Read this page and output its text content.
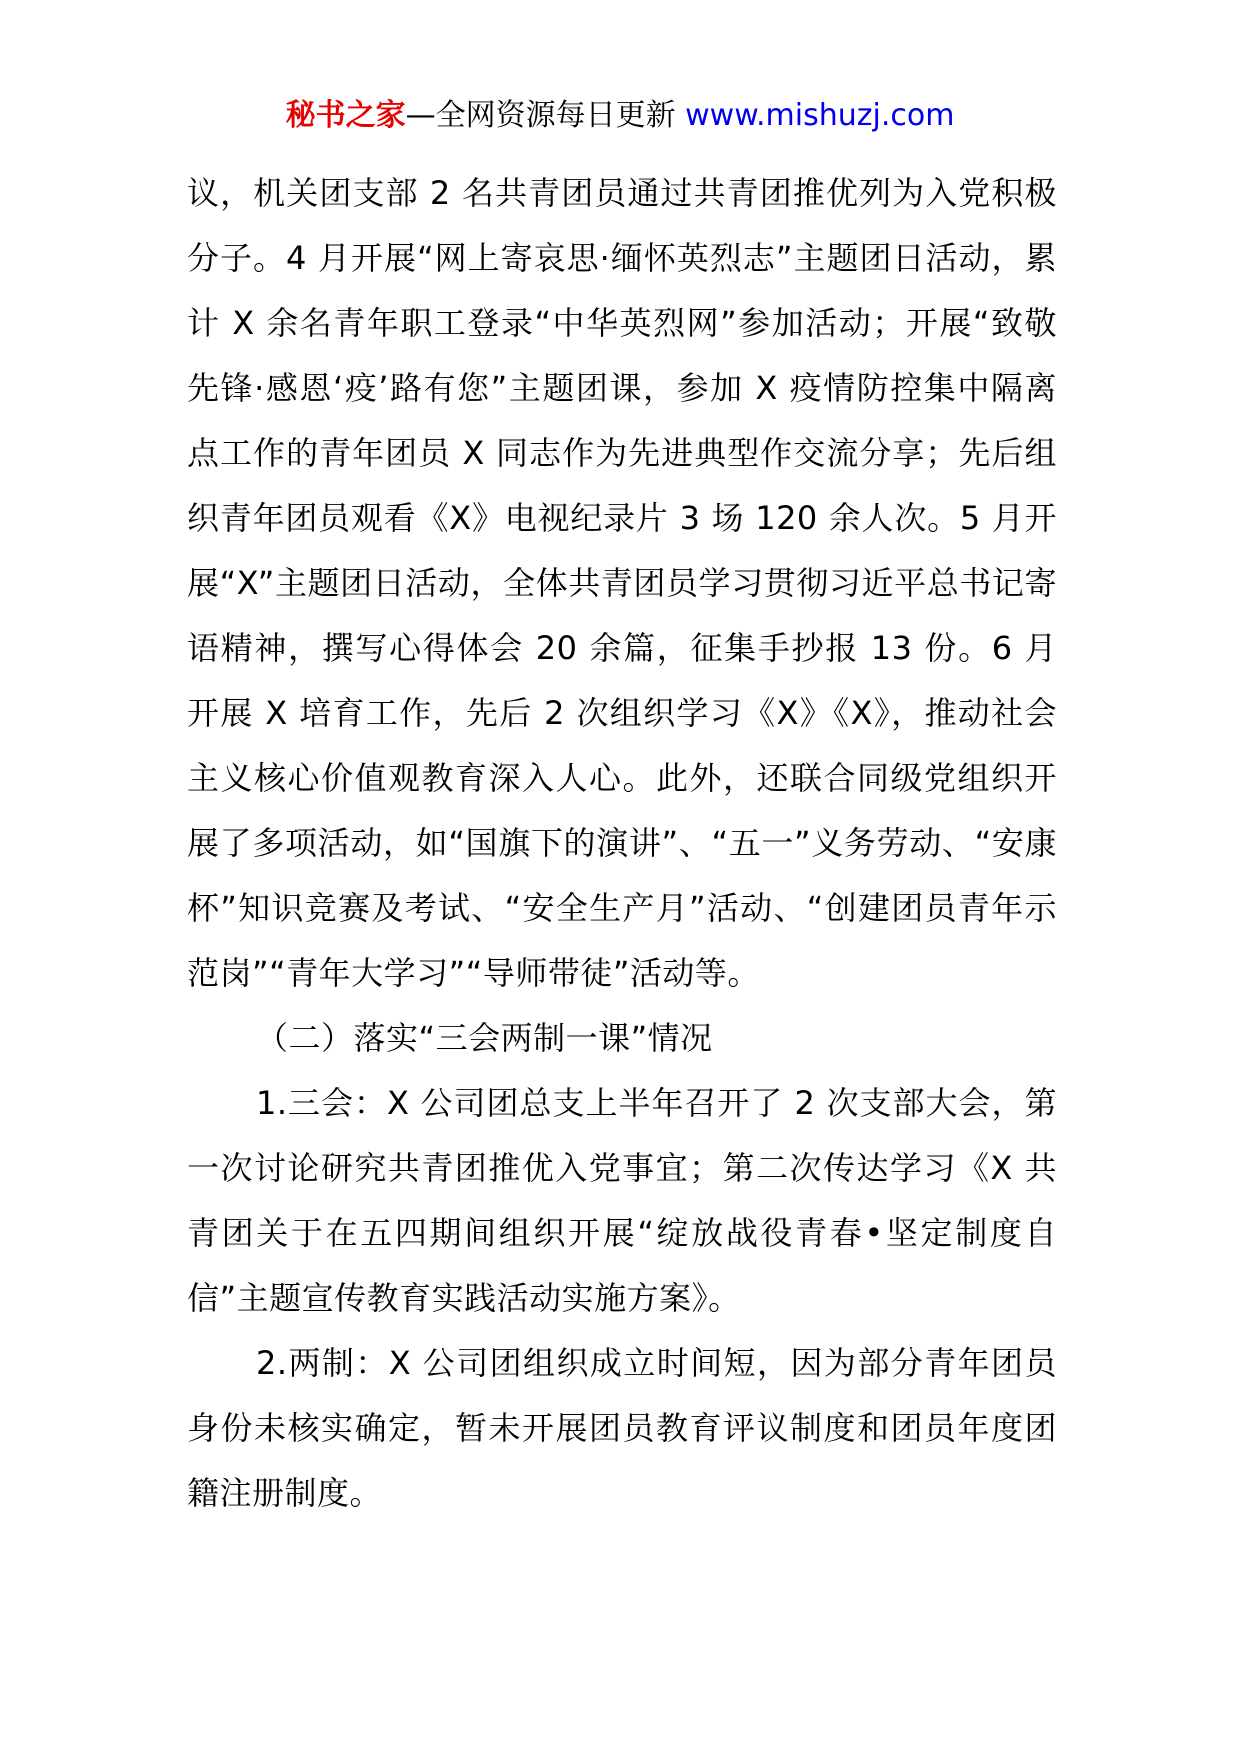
秘书之家—全网资源每日更新 www.mishuzj.com

议，机关团支部 2 名共青团员通过共青团推优列为入党积极分子。4 月开展“网上寄哀思·缅怀英烈志”主题团日活动，累计 X 余名青年职工登录“中华英烈网”参加活动；开展“致敬先锋·感恩‘疫’路有您”主题团课，参加 X 疫情防控集中隔离点工作的青年团员 X 同志作为先进典型作交流分享；先后组织青年团员观看《X》电视纪录片 3 场 120 余人次。5 月开展“X”主题团日活动，全体共青团员学习贯彻习近平总书记寄语精神，撰写心得体会 20 余篇，征集手抄报 13 份。6 月开展 X 培育工作，先后 2 次组织学习《X》《X》，推动社会主义核心价值观教育深入人心。此外，还联合同级党组织开展了多项活动，如“国旗下的演讲”、“五一”义务劳动、“安康杯”知识竞赛及考试、“安全生产月”活动、“创建团员青年示范岗”“青年大学习”“导师带徒”活动等。

（二）落实“三会两制一课”情况

1.三会：X 公司团总支上半年召开了 2 次支部大会，第一次讨论研究共青团推优入党事宜；第二次传达学习《X 共青团关于在五四期间组织开展“绽放战役青春•坚定制度自信”主题宣传教育实践活动实施方案》。

2.两制：X 公司团组织成立时间短，因为部分青年团员身份未核实确定，暂未开展团员教育评议制度和团员年度团籍注册制度。
